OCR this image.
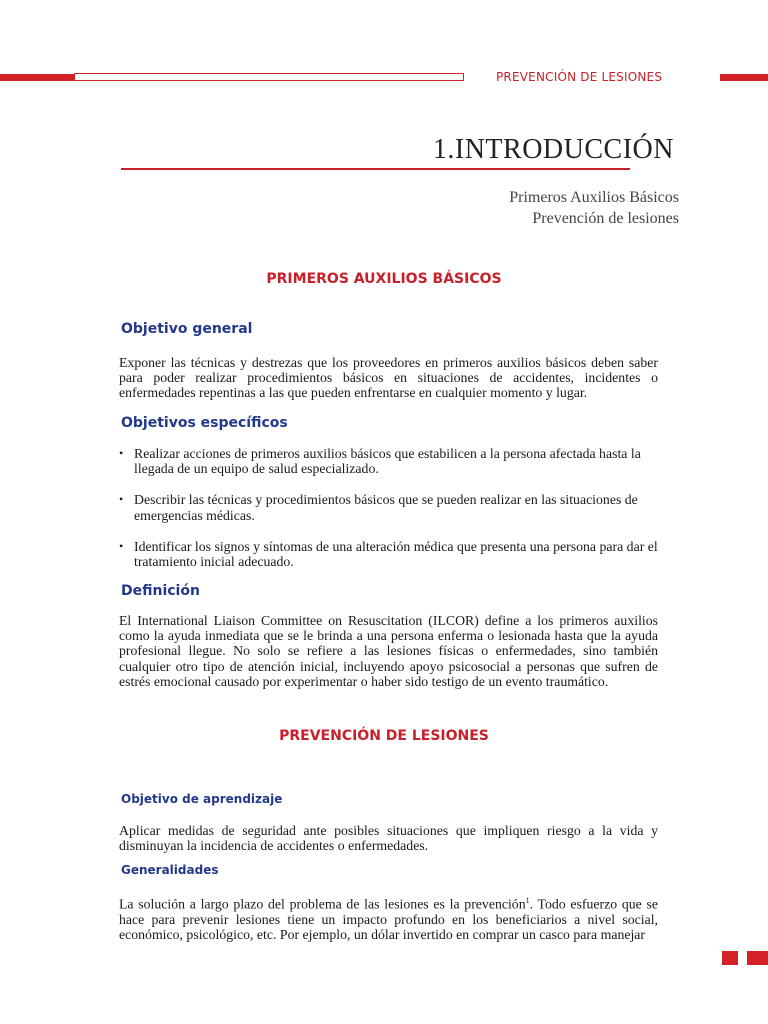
PREVENCIÓN DE LESIONES
1.INTRODUCCIÓN
Primeros Auxilios Básicos
Prevención de lesiones
PRIMEROS AUXILIOS BÁSICOS
Objetivo general

Exponer las técnicas y destrezas que los proveedores en primeros auxilios básicos deben saber para poder realizar procedimientos básicos en situaciones de accidentes, incidentes o enfermedades repentinas a las que pueden enfrentarse en cualquier momento y lugar.

Objetivos específicos
• Realizar acciones de primeros auxilios básicos que estabilicen a la persona afectada hasta la llegada de un equipo de salud especializado.
• Describir las técnicas y procedimientos básicos que se pueden realizar en las situaciones de emergencias médicas.
• Identificar los signos y síntomas de una alteración médica que presenta una persona para dar el tratamiento inicial adecuado.
Definición

El International Liaison Committee on Resuscitation (ILCOR) define a los primeros auxilios como la ayuda inmediata que se le brinda a una persona enferma o lesionada hasta que la ayuda profesional llegue. No solo se refiere a las lesiones físicas o enfermedades, sino también cualquier otro tipo de atención inicial, incluyendo apoyo psicosocial a personas que sufren de estrés emocional causado por experimentar o haber sido testigo de un evento traumático.

PREVENCIÓN DE LESIONES
Objetivo de aprendizaje

Aplicar medidas de seguridad ante posibles situaciones que impliquen riesgo a la vida y disminuyan la incidencia de accidentes o enfermedades.

Generalidades

La solución a largo plazo del problema de las lesiones es la prevención$^1$. Todo esfuerzo que se hace para prevenir lesiones tiene un impacto profundo en los beneficiarios a nivel social, económico, psicológico, etc. Por ejemplo, un dólar invertido en comprar un casco para manejar
